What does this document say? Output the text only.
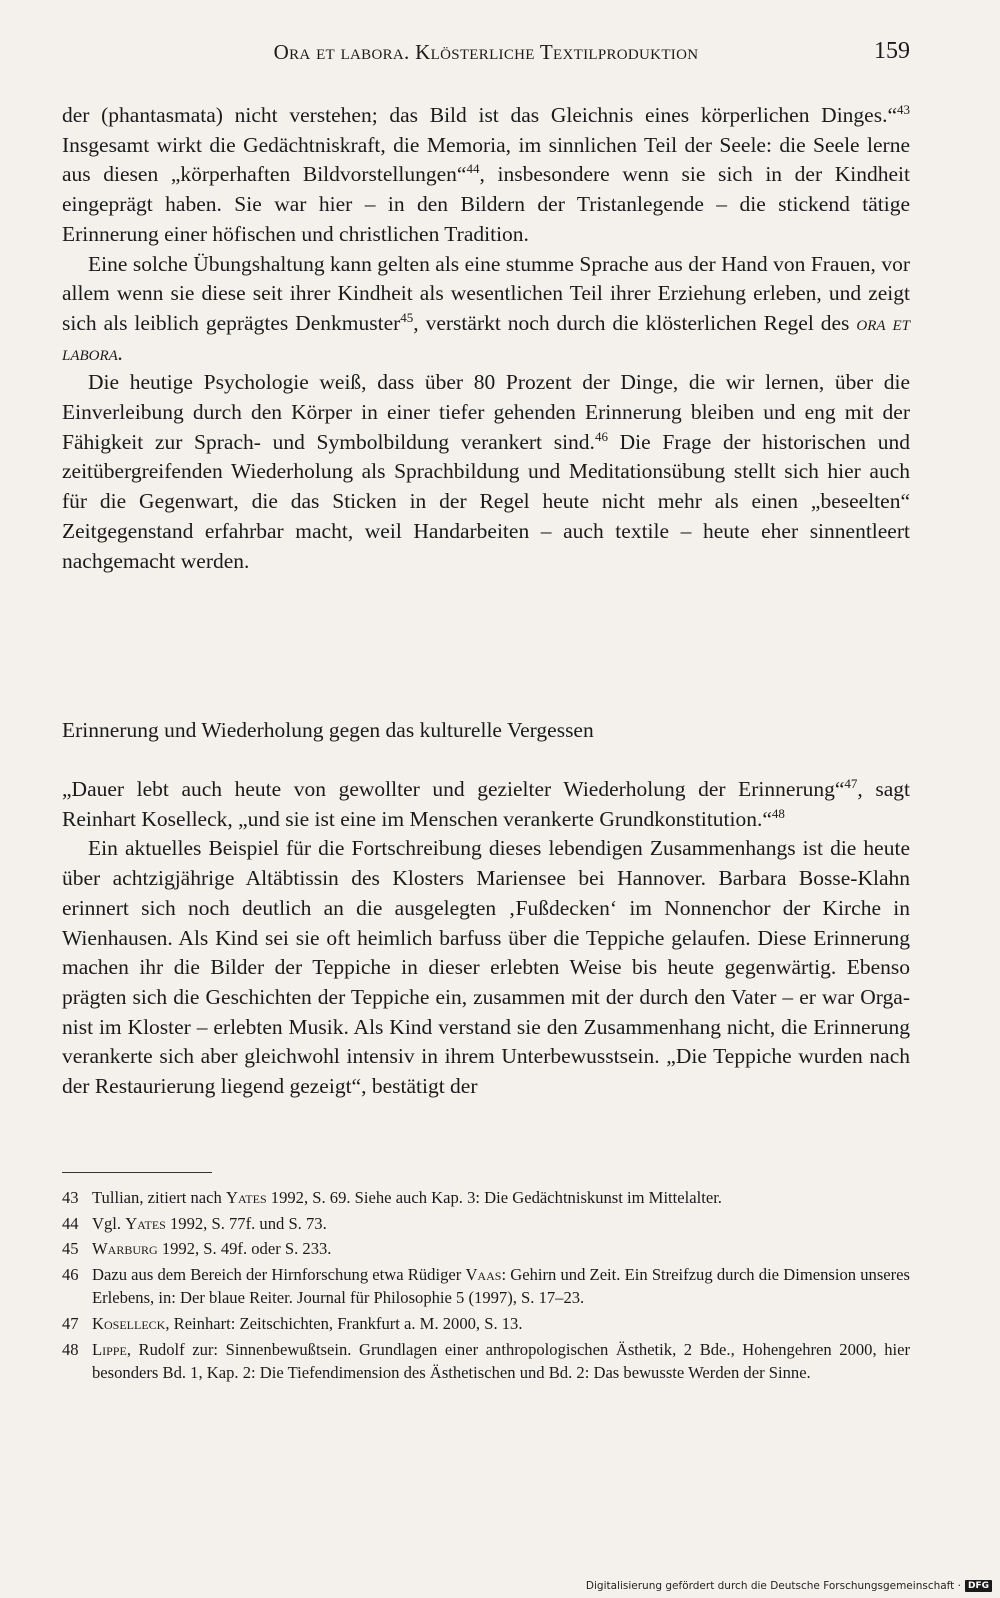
Ora et labora. Klösterliche Textilproduktion	159

der (phantasmata) nicht verstehen; das Bild ist das Gleichnis eines körperlichen Dinges.“$^{43}$ Insgesamt wirkt die Gedächtniskraft, die Memoria, im sinnlichen Teil der Seele: die Seele lerne aus diesen „körperhaften Bildvorstellungen“$^{44}$, insbesondere wenn sie sich in der Kindheit eingeprägt haben. Sie war hier – in den Bildern der Tristanlegende – die stickend tätige Erinnerung einer höfischen und christlichen Tradition.

Eine solche Übungshaltung kann gelten als eine stumme Sprache aus der Hand von Frauen, vor allem wenn sie diese seit ihrer Kindheit als wesentlichen Teil ihrer Erziehung erleben, und zeigt sich als leiblich geprägtes Denkmuster$^{45}$, verstärkt noch durch die klösterlichen Regel des ora et labora.

Die heutige Psychologie weiß, dass über 80 Prozent der Dinge, die wir lernen, über die Einverleibung durch den Körper in einer tiefer gehenden Erinnerung bleiben und eng mit der Fähigkeit zur Sprach- und Symbolbildung verankert sind.$^{46}$ Die Frage der historischen und zeitübergreifenden Wiederholung als Sprachbildung und Meditationsübung stellt sich hier auch für die Gegenwart, die das Sticken in der Regel heute nicht mehr als einen „beseelten“ Zeitgegenstand erfahrbar macht, weil Handarbeiten – auch textile – heute eher sinnentleert nachgemacht werden.

Erinnerung und Wiederholung gegen das kulturelle Vergessen

„Dauer lebt auch heute von gewollter und gezielter Wiederholung der Erinnerung“$^{47}$, sagt Reinhart Koselleck, „und sie ist eine im Menschen verankerte Grundkonstitution.“$^{48}$

Ein aktuelles Beispiel für die Fortschreibung dieses lebendigen Zusammenhangs ist die heute über achtzigjährige Altäbtissin des Klosters Mariensee bei Hannover. Barbara Bosse-Klahn erinnert sich noch deutlich an die ausgelegten ‚Fußdecken‘ im Nonnenchor der Kirche in Wienhausen. Als Kind sei sie oft heimlich barfuss über die Teppiche gelaufen. Diese Erinnerung machen ihr die Bilder der Teppiche in dieser erlebten Weise bis heute gegenwärtig. Ebenso prägten sich die Geschichten der Teppiche ein, zusammen mit der durch den Vater – er war Organist im Kloster – erlebten Musik. Als Kind verstand sie den Zusammenhang nicht, die Erinnerung verankerte sich aber gleichwohl intensiv in ihrem Unterbewusstsein. „Die Teppiche wurden nach der Restaurierung liegend gezeigt“, bestätigt der

43 Tullian, zitiert nach Yates 1992, S. 69. Siehe auch Kap. 3: Die Gedächtniskunst im Mittelalter.
44 Vgl. Yates 1992, S. 77f. und S. 73.
45 Warburg 1992, S. 49f. oder S. 233.
46 Dazu aus dem Bereich der Hirnforschung etwa Rüdiger Vaas: Gehirn und Zeit. Ein Streifzug durch die Dimension unseres Erlebens, in: Der blaue Reiter. Journal für Philosophie 5 (1997), S. 17–23.
47 Koselleck, Reinhart: Zeitschichten, Frankfurt a. M. 2000, S. 13.
48 Lippe, Rudolf zur: Sinnenbewußtsein. Grundlagen einer anthropologischen Ästhetik, 2 Bde., Hohengehren 2000, hier besonders Bd. 1, Kap. 2: Die Tiefendimension des Ästhetischen und Bd. 2: Das bewusste Werden der Sinne.
Digitalisierung gefördert durch die Deutsche Forschungsgemeinschaft · DFG
